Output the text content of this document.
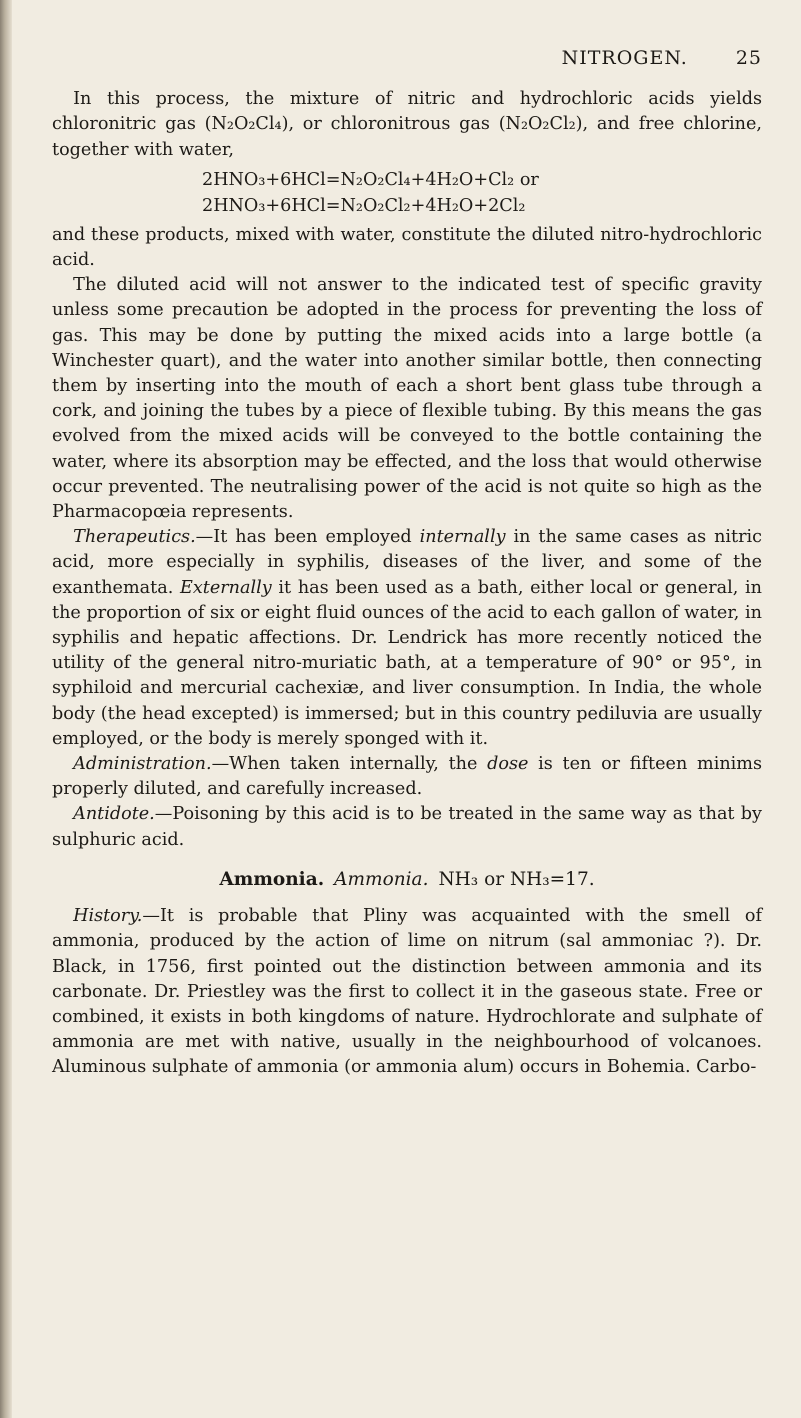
NITROGEN.	25

In this process, the mixture of nitric and hydrochloric acids yields chloronitric gas (N₂O₂Cl₄), or chloronitrous gas (N₂O₂Cl₂), and free chlorine, together with water,

2HNO₃+6HCl=N₂O₂Cl₄+4H₂O+Cl₂ or
2HNO₃+6HCl=N₂O₂Cl₂+4H₂O+2Cl₂

and these products, mixed with water, constitute the diluted nitro-hydrochloric acid.

The diluted acid will not answer to the indicated test of specific gravity unless some precaution be adopted in the process for preventing the loss of gas. This may be done by putting the mixed acids into a large bottle (a Winchester quart), and the water into another similar bottle, then connecting them by inserting into the mouth of each a short bent glass tube through a cork, and joining the tubes by a piece of flexible tubing. By this means the gas evolved from the mixed acids will be conveyed to the bottle containing the water, where its absorption may be effected, and the loss that would otherwise occur prevented. The neutralising power of the acid is not quite so high as the Pharmacopœia represents.

Therapeutics.—It has been employed internally in the same cases as nitric acid, more especially in syphilis, diseases of the liver, and some of the exanthemata. Externally it has been used as a bath, either local or general, in the proportion of six or eight fluid ounces of the acid to each gallon of water, in syphilis and hepatic affections. Dr. Lendrick has more recently noticed the utility of the general nitro-muriatic bath, at a temperature of 90° or 95°, in syphiloid and mercurial cachexiæ, and liver consumption. In India, the whole body (the head excepted) is immersed; but in this country pediluvia are usually employed, or the body is merely sponged with it.

Administration.—When taken internally, the dose is ten or fifteen minims properly diluted, and carefully increased.

Antidote.—Poisoning by this acid is to be treated in the same way as that by sulphuric acid.

Ammonia. Ammonia. NH₃ or NH₃=17.

History.—It is probable that Pliny was acquainted with the smell of ammonia, produced by the action of lime on nitrum (sal ammoniac ?). Dr. Black, in 1756, first pointed out the distinction between ammonia and its carbonate. Dr. Priestley was the first to collect it in the gaseous state. Free or combined, it exists in both kingdoms of nature. Hydrochlorate and sulphate of ammonia are met with native, usually in the neighbourhood of volcanoes. Aluminous sulphate of ammonia (or ammonia alum) occurs in Bohemia. Carbo-
